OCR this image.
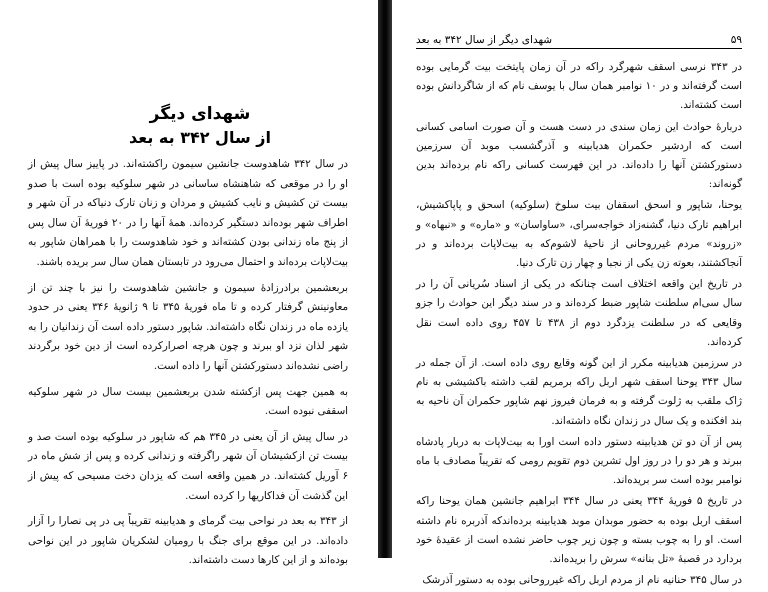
شهدای دیگر
از سال ۳۴۲ به بعد

در سال ۳۴۲ شاهدوست جانشین سیمون راکشته‌اند. در پاییز سال پیش از او را در موقعی که شاهنشاه ساسانی در شهر سلوکیه بوده است با صدو بیست تن کشیش و نایب کشیش و مردان و زنان تارک دنیاکه در آن شهر و اطراف شهر بوده‌اند دستگیر کرده‌اند. همهٔ آنها را در ۲۰ فوریهٔ آن سال پس از پنج ماه زندانی بودن کشته‌اند و خود شاهدوست را با همراهان شاپور به بیت‌لاپات برده‌اند و احتمال می‌رود در تابستان همان سال سر بریده باشند.

بربعشمین برادرزادهٔ سیمون و جانشین شاهدوست را نیز با چند تن از معاونینش گرفتار کرده و تا ماه فوریهٔ ۳۴۵ تا ۹ ژانویهٔ ۳۴۶ یعنی در حدود یازده ماه در زندان نگاه داشته‌اند. شاپور دستور داده است آن زندانیان را به شهر لذان نزد او ببرند و چون هرچه اصرارکرده است از دین خود برگردند راضی نشده‌اند دستورکشتن آنها را داده است.

به همین جهت پس ازکشته شدن بربعشمین بیست سال در شهر سلوکیه اسقفی نبوده است.

در سال پیش از آن یعنی در ۳۴۵ هم که شاپور در سلوکیه بوده است صد و بیست تن ازکشیشان آن شهر راگرفته و زندانی کرده و پس از شش ماه در ۶ آوریل کشته‌اند. در همین واقعه است که یزدان دخت مسیحی که پیش از این گذشت آن فداکاریها را کرده است.

از ۳۴۳ به بعد در نواحی بیت گرمای و هدیابینه تقریباً پی در پی نصارا را آزار داده‌اند. در این موقع برای جنگ با رومیان لشکریان شاپور در این نواحی بوده‌اند و از این کارها دست داشته‌اند.

شهدای دیگر از سال ۳۴۲ به بعد	۵۹

در ۳۴۳ نرسی اسقف شهرگرد راکه در آن زمان پایتخت بیت گرمایی بوده است گرفته‌اند و در ۱۰ نوامبر همان سال با یوسف نام که از شاگردانش بوده است کشته‌اند.

دربارهٔ حوادث این زمان سندی در دست هست و آن صورت اسامی کسانی است که اردشیر حکمران هدیابینه و آذرگشسب موبد آن سرزمین دستورکشتن آنها را داده‌اند. در این فهرست کسانی راکه نام برده‌اند بدین گونه‌اند:

یوحنا، شاپور و اسحق اسقفان بیت سلوخ (سلوکیه) اسحق و پاپاکشیش، ابراهیم تارک دنیا، گشنه‌زاد خواجه‌سرای، «ساواسان» و «ماره» و «نبهاه» و «زروند» مردم غیرروحانی از ناحیهٔ لاشوم‌که به بیت‌لاپات برده‌اند و در آنجاکشتند، بعوته زن یکی از نجبا و چهار زن تارک دنیا.

در تاریخ این واقعه اختلاف است چنانکه در یکی از اسناد سُریانی آن را در سال سی‌ام سلطنت شاپور ضبط کرده‌اند و در سند دیگر این حوادث را جزو وقایعی که در سلطنت یزدگرد دوم از ۴۳۸ تا ۴۵۷ روی داده است نقل کرده‌اند.

در سرزمین هدیابینه مکرر از این گونه وقایع روی داده است. از آن جمله در سال ۳۴۳ یوحنا اسقف شهر اربل راکه برمریم لقب داشته باکشیشی به نام ژاک ملقب به ژلوت گرفته و به فرمان فیروز نهم شاپور حکمران آن ناحیه به بند افکنده و یک سال در زندان نگاه داشته‌اند.

پس از آن دو تن هدیابینه دستور داده است اورا به بیت‌لاپات به دربار پادشاه ببرند و هر دو را در روز اول تشرین دوم تقویم رومی که تقریباً مصادف با ماه نوامبر بوده است سر بریده‌اند.

در تاریخ ۵ فوریهٔ ۳۴۴ یعنی در سال ۳۴۴ ابراهیم جانشین همان یوحنا راکه اسقف اربل بوده به حضور موبدان موبد هدیابینه برده‌اندکه آذربره نام داشته است. او را به چوب بسته و چون زیر چوب حاضر نشده است از عقیدهٔ خود بردارد در قصبهٔ «تل بنانه» سرش را بریده‌اند.

در سال ۳۴۵ حنانیه نام از مردم اربل راکه غیرروحانی بوده به دستور آذرشک
